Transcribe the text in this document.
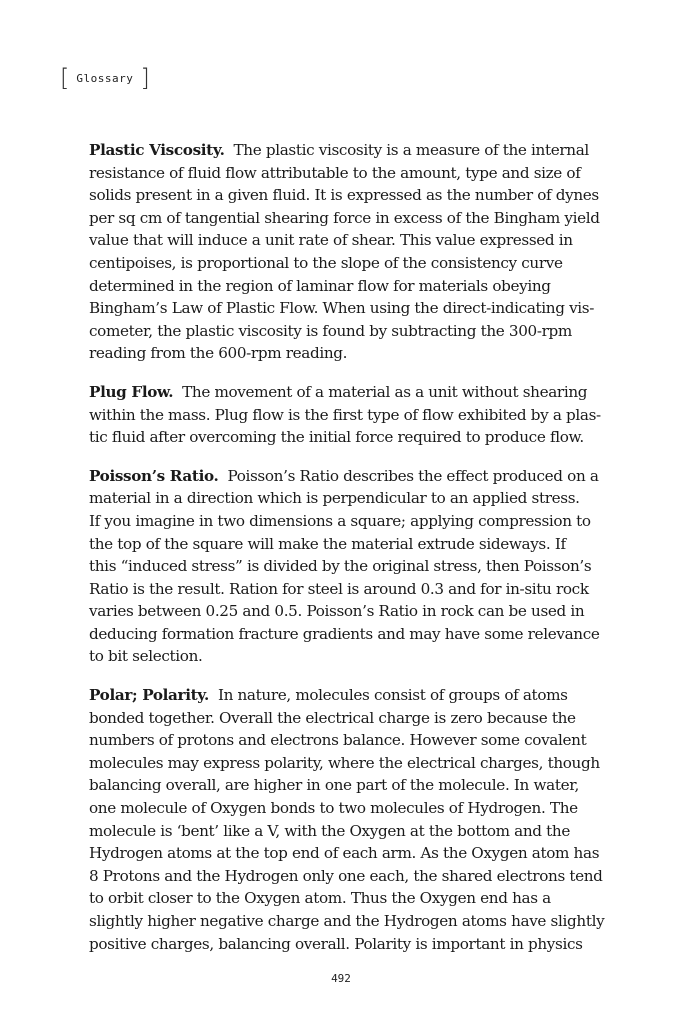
[ Glossary ]
Plastic Viscosity. The plastic viscosity is a measure of the internal
resistance of fluid flow attributable to the amount, type and size of
solids present in a given fluid. It is expressed as the number of dynes
per sq cm of tangential shearing force in excess of the Bingham yield
value that will induce a unit rate of shear. This value expressed in
centipoises, is proportional to the slope of the consistency curve
determined in the region of laminar flow for materials obeying
Bingham’s Law of Plastic Flow. When using the direct-indicating vis-
cometer, the plastic viscosity is found by subtracting the 300-rpm
reading from the 600-rpm reading.
Plug Flow. The movement of a material as a unit without shearing
within the mass. Plug flow is the first type of flow exhibited by a plas-
tic fluid after overcoming the initial force required to produce flow.
Poisson’s Ratio. Poisson’s Ratio describes the effect produced on a
material in a direction which is perpendicular to an applied stress.
If you imagine in two dimensions a square; applying compression to
the top of the square will make the material extrude sideways. If
this “induced stress” is divided by the original stress, then Poisson’s
Ratio is the result. Ration for steel is around 0.3 and for in-situ rock
varies between 0.25 and 0.5. Poisson’s Ratio in rock can be used in
deducing formation fracture gradients and may have some relevance
to bit selection.
Polar; Polarity. In nature, molecules consist of groups of atoms
bonded together. Overall the electrical charge is zero because the
numbers of protons and electrons balance. However some covalent
molecules may express polarity, where the electrical charges, though
balancing overall, are higher in one part of the molecule. In water,
one molecule of Oxygen bonds to two molecules of Hydrogen. The
molecule is ‘bent’ like a V, with the Oxygen at the bottom and the
Hydrogen atoms at the top end of each arm. As the Oxygen atom has
8 Protons and the Hydrogen only one each, the shared electrons tend
to orbit closer to the Oxygen atom. Thus the Oxygen end has a
slightly higher negative charge and the Hydrogen atoms have slightly
positive charges, balancing overall. Polarity is important in physics
492
